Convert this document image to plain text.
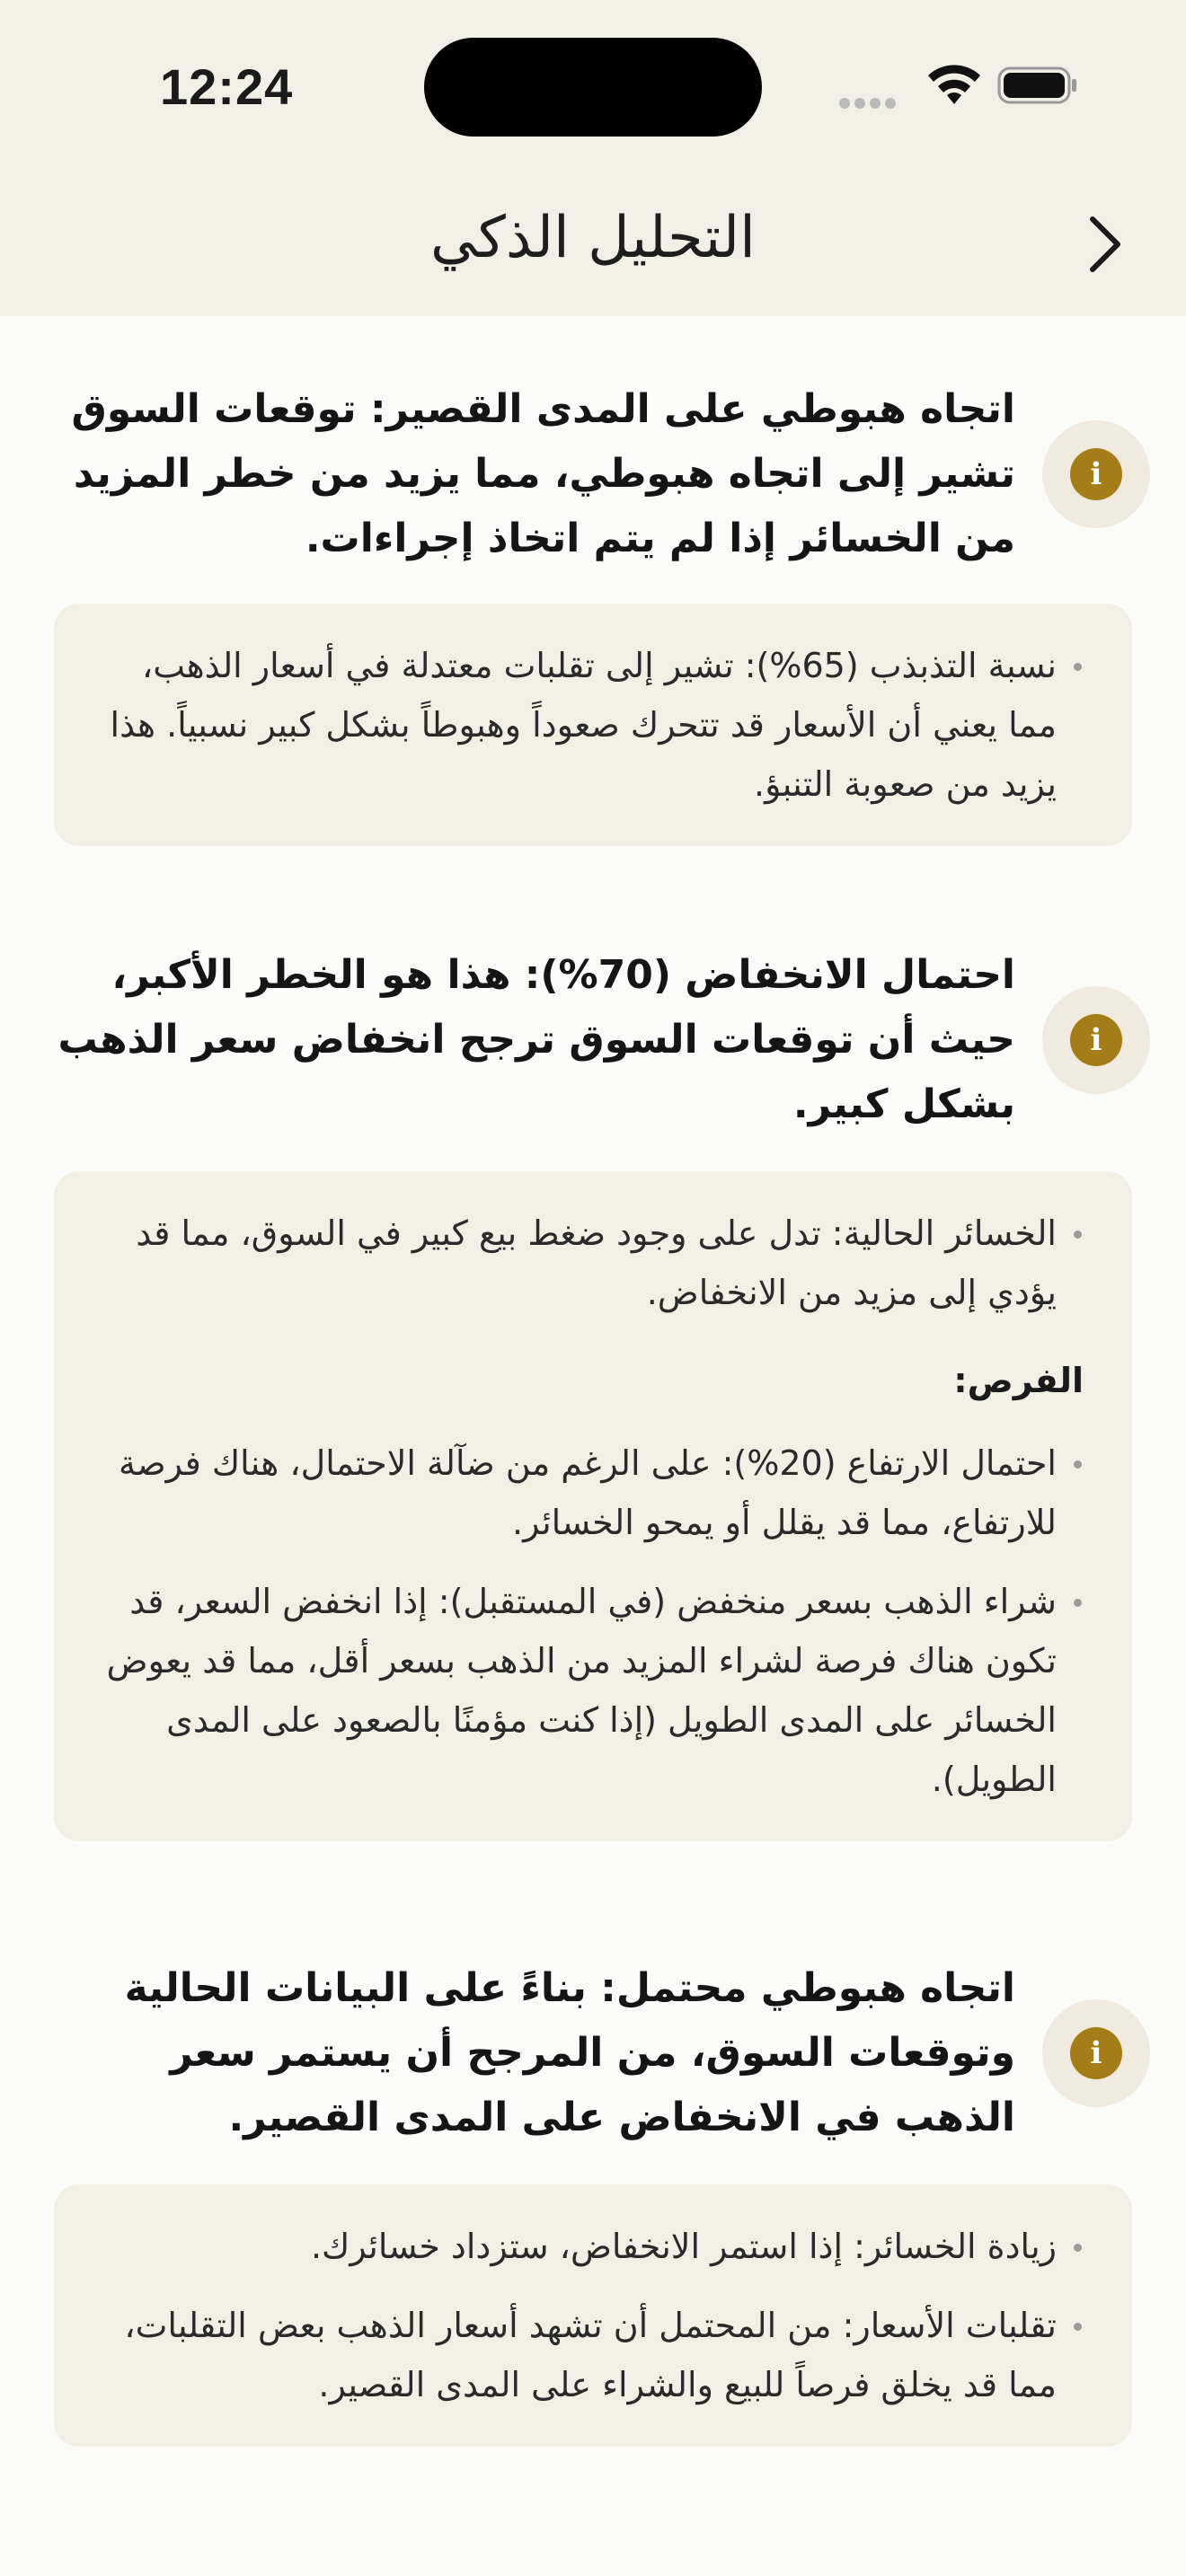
12:24
التحليل الذكي
i
اتجاه هبوطي على المدى القصير: توقعات السوق تشير إلى اتجاه هبوطي، مما يزيد من خطر المزيد من الخسائر إذا لم يتم اتخاذ إجراءات.
نسبة التذبذب (65%): تشير إلى تقلبات معتدلة في أسعار الذهب، مما يعني أن الأسعار قد تتحرك صعوداً وهبوطاً بشكل كبير نسبياً. هذا يزيد من صعوبة التنبؤ.
i
احتمال الانخفاض (70%): هذا هو الخطر الأكبر، حيث أن توقعات السوق ترجح انخفاض سعر الذهب بشكل كبير.
الخسائر الحالية: تدل على وجود ضغط بيع كبير في السوق، مما قد يؤدي إلى مزيد من الانخفاض.
الفرص:
احتمال الارتفاع (20%): على الرغم من ضآلة الاحتمال، هناك فرصة للارتفاع، مما قد يقلل أو يمحو الخسائر.
شراء الذهب بسعر منخفض (في المستقبل): إذا انخفض السعر، قد تكون هناك فرصة لشراء المزيد من الذهب بسعر أقل، مما قد يعوض الخسائر على المدى الطويل (إذا كنت مؤمنًا بالصعود على المدى الطويل).
i
اتجاه هبوطي محتمل: بناءً على البيانات الحالية وتوقعات السوق، من المرجح أن يستمر سعر الذهب في الانخفاض على المدى القصير.
زيادة الخسائر: إذا استمر الانخفاض، ستزداد خسائرك.
تقلبات الأسعار: من المحتمل أن تشهد أسعار الذهب بعض التقلبات، مما قد يخلق فرصاً للبيع والشراء على المدى القصير.
